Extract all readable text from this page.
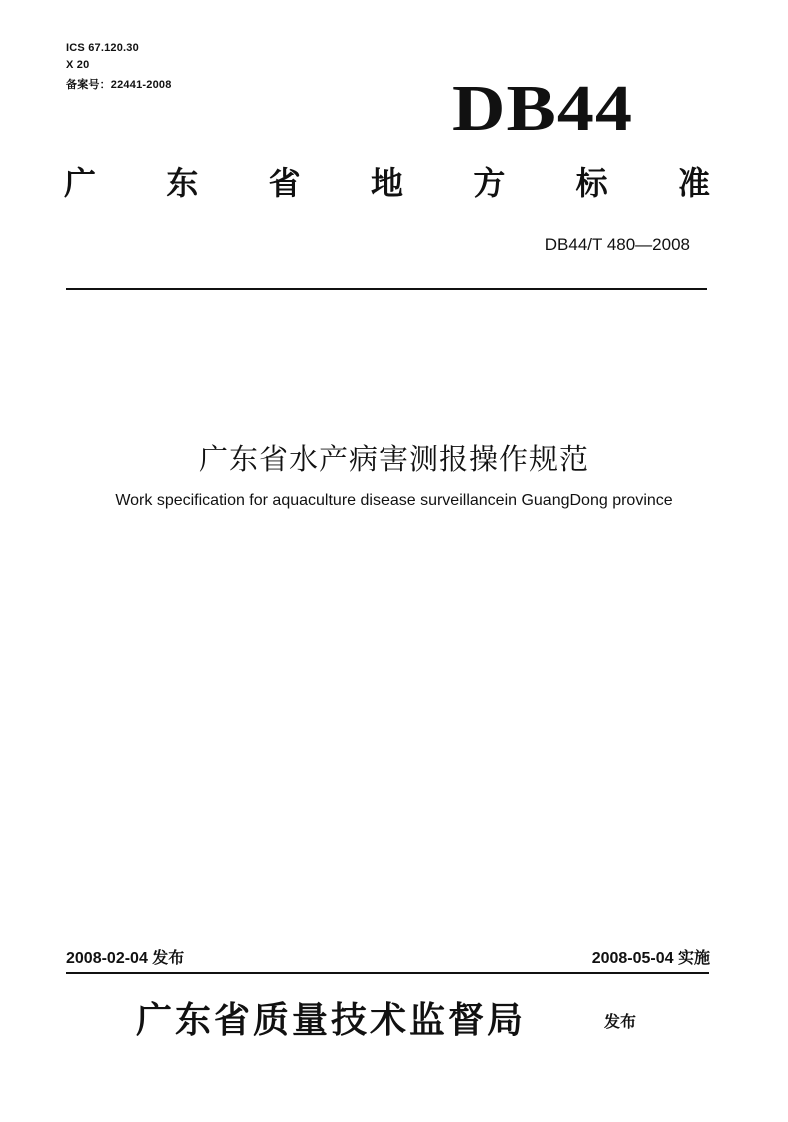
ICS 67.120.30
X 20
备案号：22441-2008	DB44
广 东 省 地 方 标 准
DB44/T 480—2008
广东省水产病害测报操作规范
Work specification for aquaculture disease surveillancein GuangDong province
2008-02-04 发布	2008-05-04 实施
广东省质量技术监督局	发布
